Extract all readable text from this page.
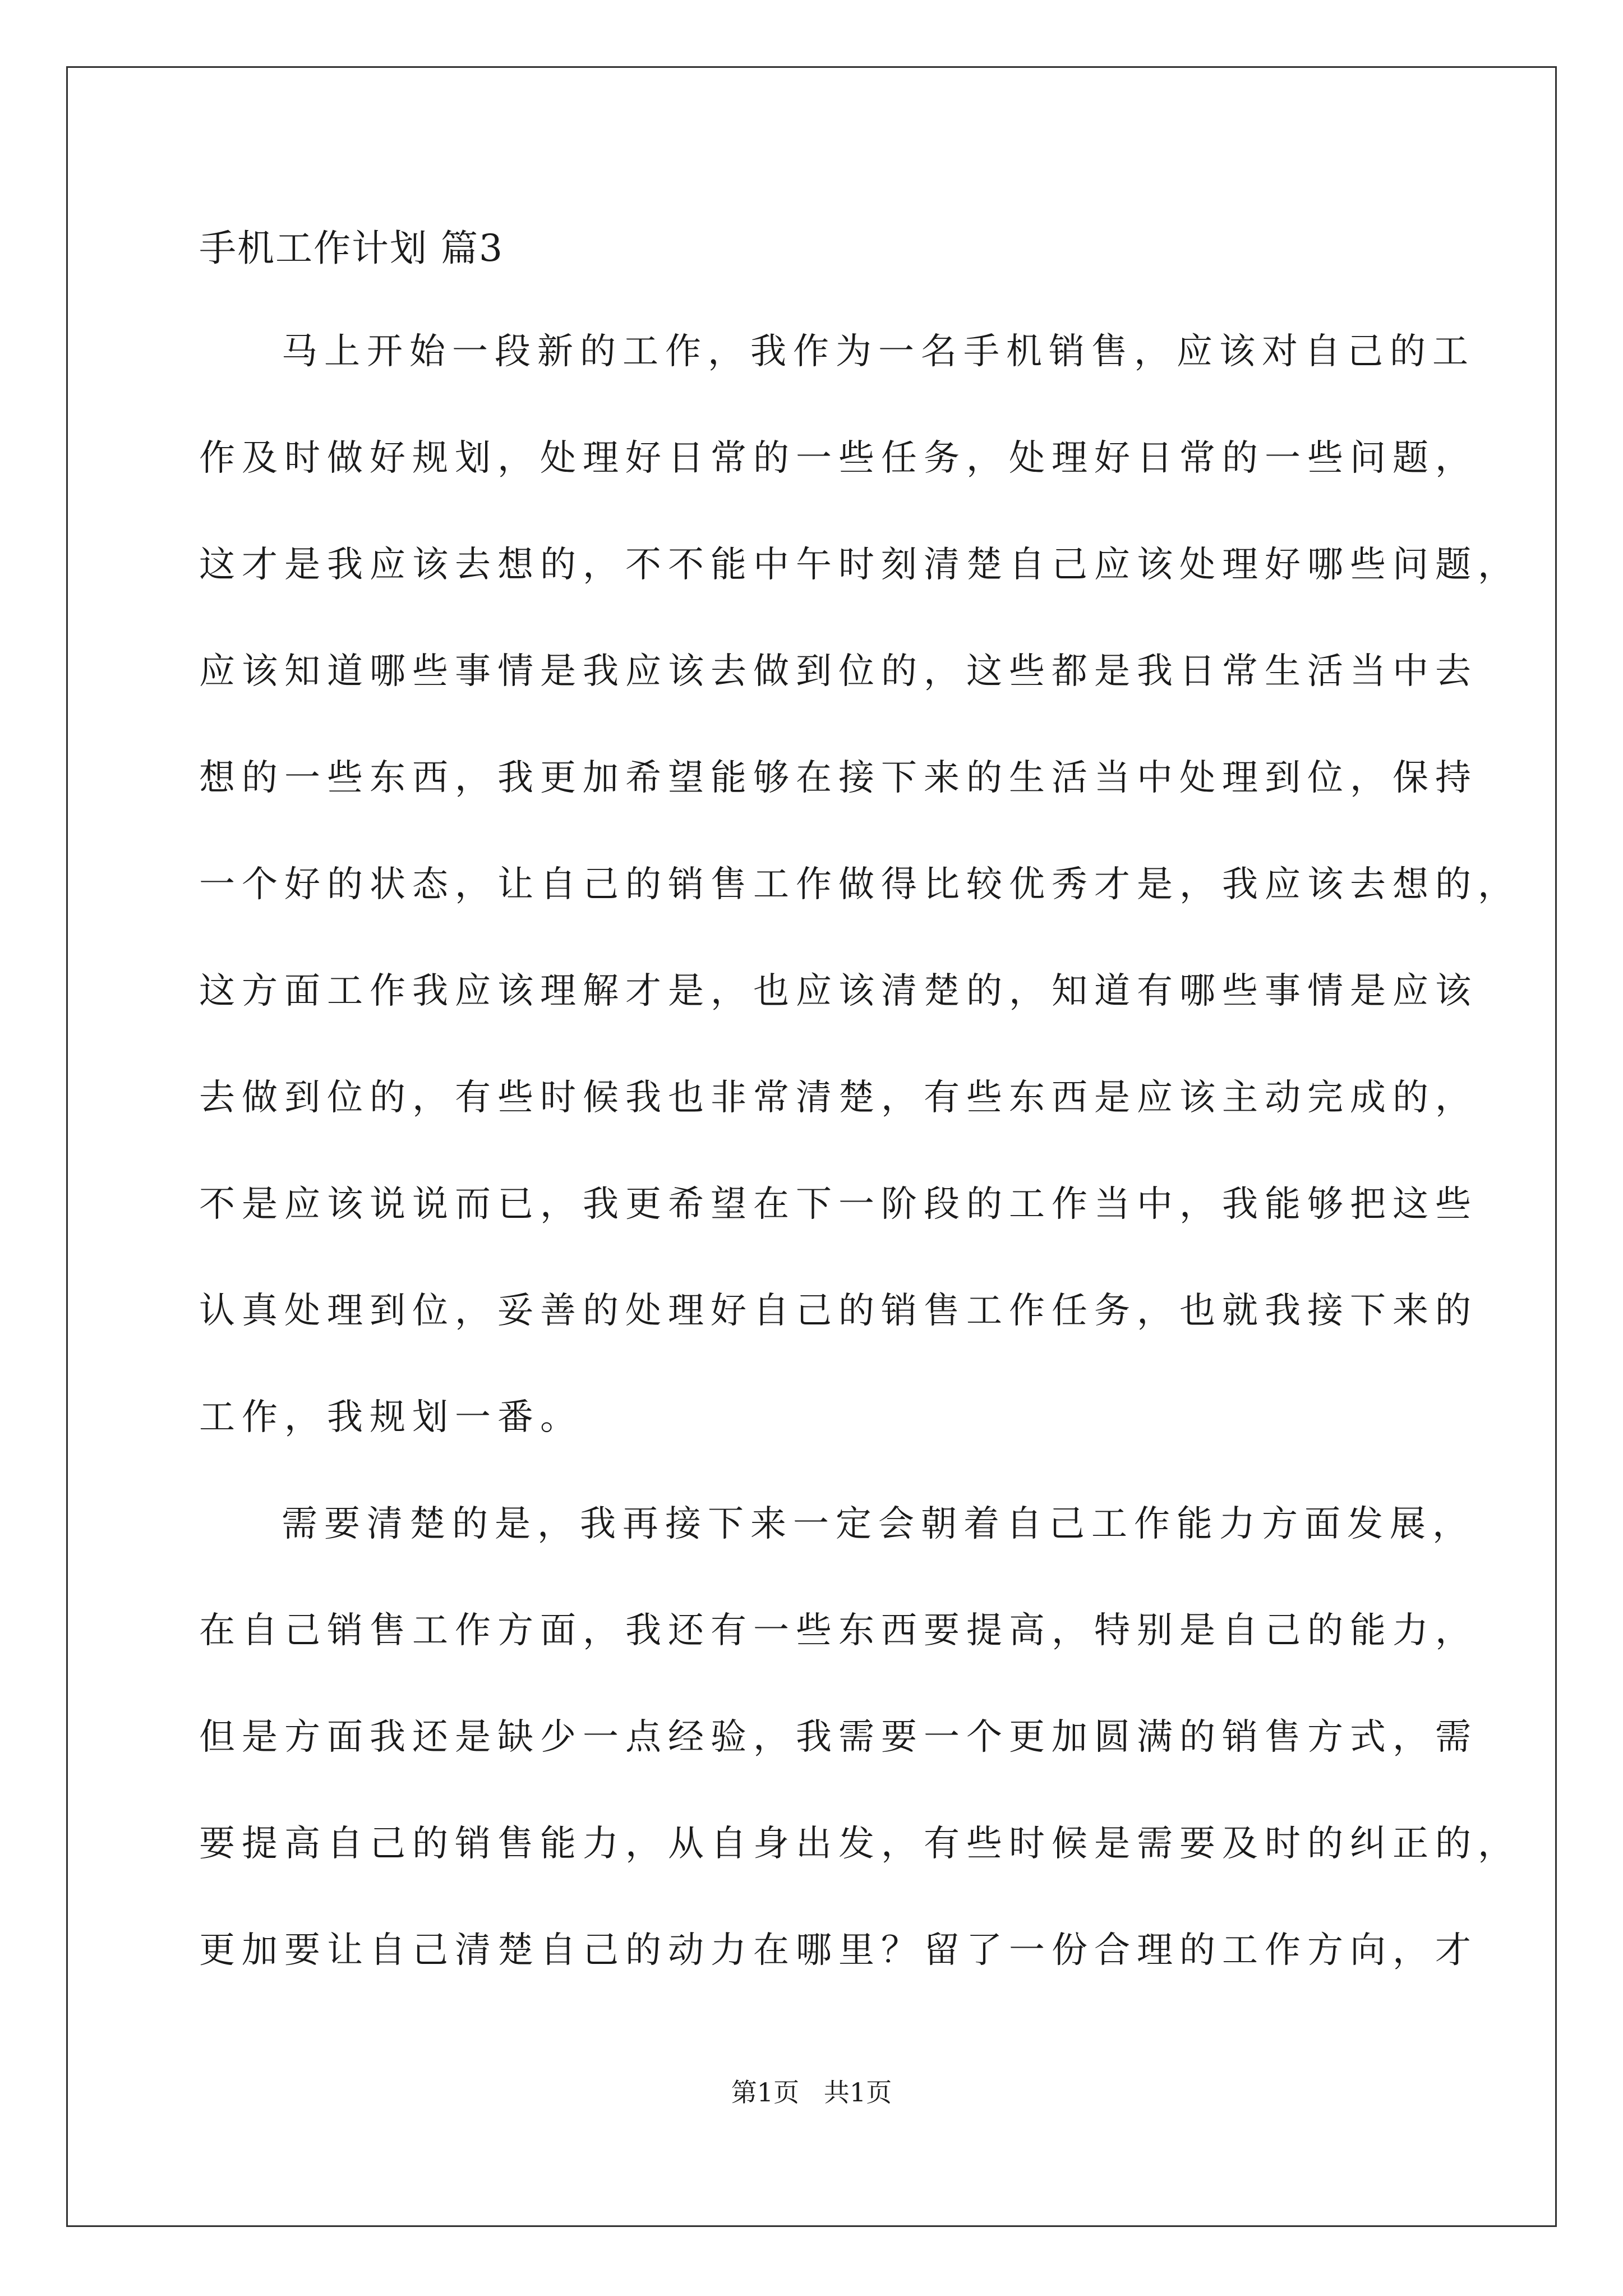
手机工作计划 篇3
马上开始一段新的工作，我作为一名手机销售，应该对自己的工
作及时做好规划，处理好日常的一些任务，处理好日常的一些问题，
这才是我应该去想的，不不能中午时刻清楚自己应该处理好哪些问题，
应该知道哪些事情是我应该去做到位的，这些都是我日常生活当中去
想的一些东西，我更加希望能够在接下来的生活当中处理到位，保持
一个好的状态，让自己的销售工作做得比较优秀才是，我应该去想的，
这方面工作我应该理解才是，也应该清楚的，知道有哪些事情是应该
去做到位的，有些时候我也非常清楚，有些东西是应该主动完成的，
不是应该说说而已，我更希望在下一阶段的工作当中，我能够把这些
认真处理到位，妥善的处理好自己的销售工作任务，也就我接下来的
工作，我规划一番。
需要清楚的是，我再接下来一定会朝着自己工作能力方面发展，
在自己销售工作方面，我还有一些东西要提高，特别是自己的能力，
但是方面我还是缺少一点经验，我需要一个更加圆满的销售方式，需
要提高自己的销售能力，从自身出发，有些时候是需要及时的纠正的，
更加要让自己清楚自己的动力在哪里？留了一份合理的工作方向，才
第1页   共1页
